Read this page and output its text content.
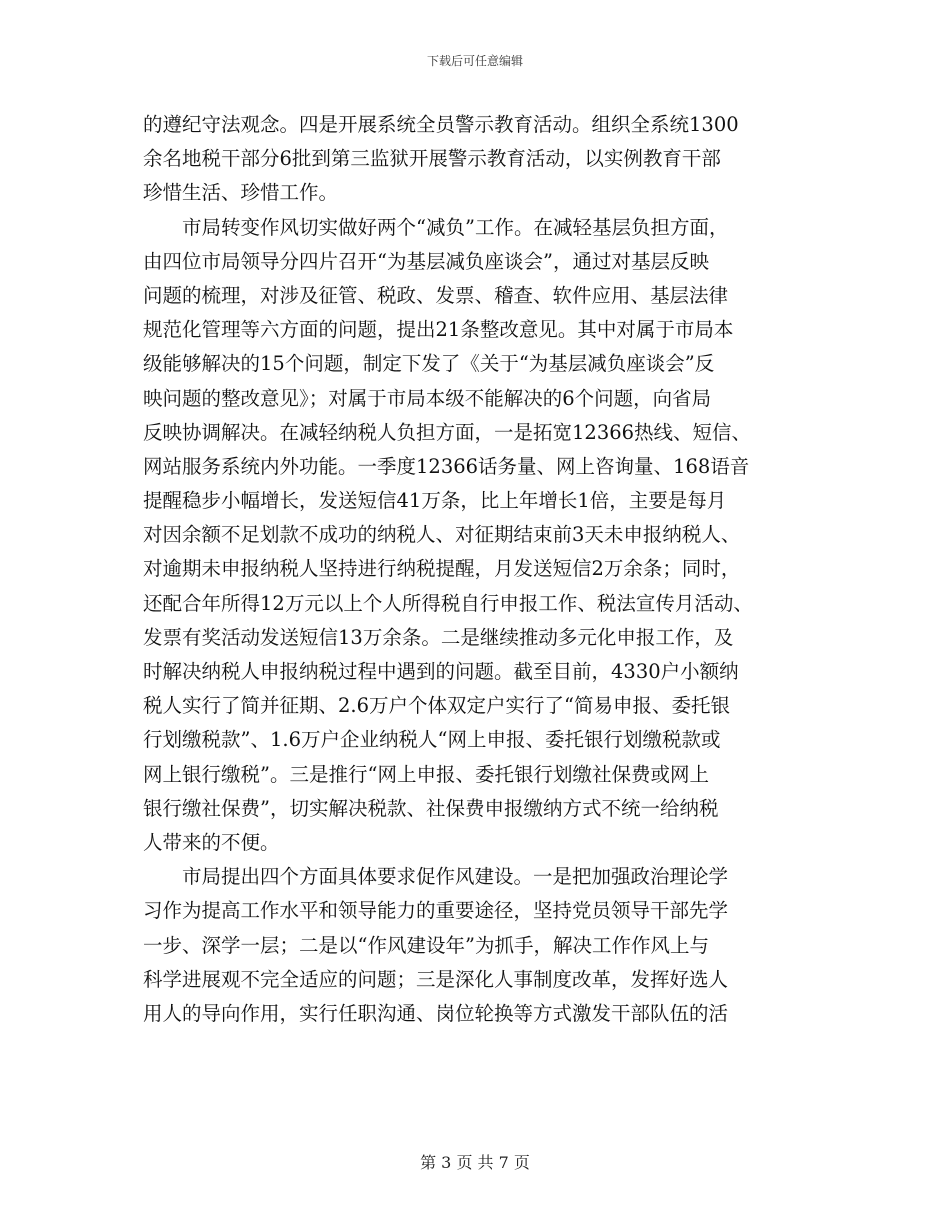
下载后可任意编辑
的遵纪守法观念。四是开展系统全员警示教育活动。组织全系统1300
余名地税干部分6批到第三监狱开展警示教育活动，以实例教育干部
珍惜生活、珍惜工作。
　　市局转变作风切实做好两个“减负”工作。在减轻基层负担方面，
由四位市局领导分四片召开“为基层减负座谈会”，通过对基层反映
问题的梳理，对涉及征管、税政、发票、稽查、软件应用、基层法律
规范化管理等六方面的问题，提出21条整改意见。其中对属于市局本
级能够解决的15个问题，制定下发了《关于“为基层减负座谈会”反
映问题的整改意见》；对属于市局本级不能解决的6个问题，向省局
反映协调解决。在减轻纳税人负担方面，一是拓宽12366热线、短信、
网站服务系统内外功能。一季度12366话务量、网上咨询量、168语音
提醒稳步小幅增长，发送短信41万条，比上年增长1倍，主要是每月
对因余额不足划款不成功的纳税人、对征期结束前3天未申报纳税人、
对逾期未申报纳税人坚持进行纳税提醒，月发送短信2万余条；同时，
还配合年所得12万元以上个人所得税自行申报工作、税法宣传月活动、
发票有奖活动发送短信13万余条。二是继续推动多元化申报工作，及
时解决纳税人申报纳税过程中遇到的问题。截至目前，4330户小额纳
税人实行了简并征期、2.6万户个体双定户实行了“简易申报、委托银
行划缴税款”、1.6万户企业纳税人“网上申报、委托银行划缴税款或
网上银行缴税”。三是推行“网上申报、委托银行划缴社保费或网上
银行缴社保费”，切实解决税款、社保费申报缴纳方式不统一给纳税
人带来的不便。
　　市局提出四个方面具体要求促作风建设。一是把加强政治理论学
习作为提高工作水平和领导能力的重要途径，坚持党员领导干部先学
一步、深学一层；二是以“作风建设年”为抓手，解决工作作风上与
科学进展观不完全适应的问题；三是深化人事制度改革，发挥好选人
用人的导向作用，实行任职沟通、岗位轮换等方式激发干部队伍的活
第 3 页 共 7 页
